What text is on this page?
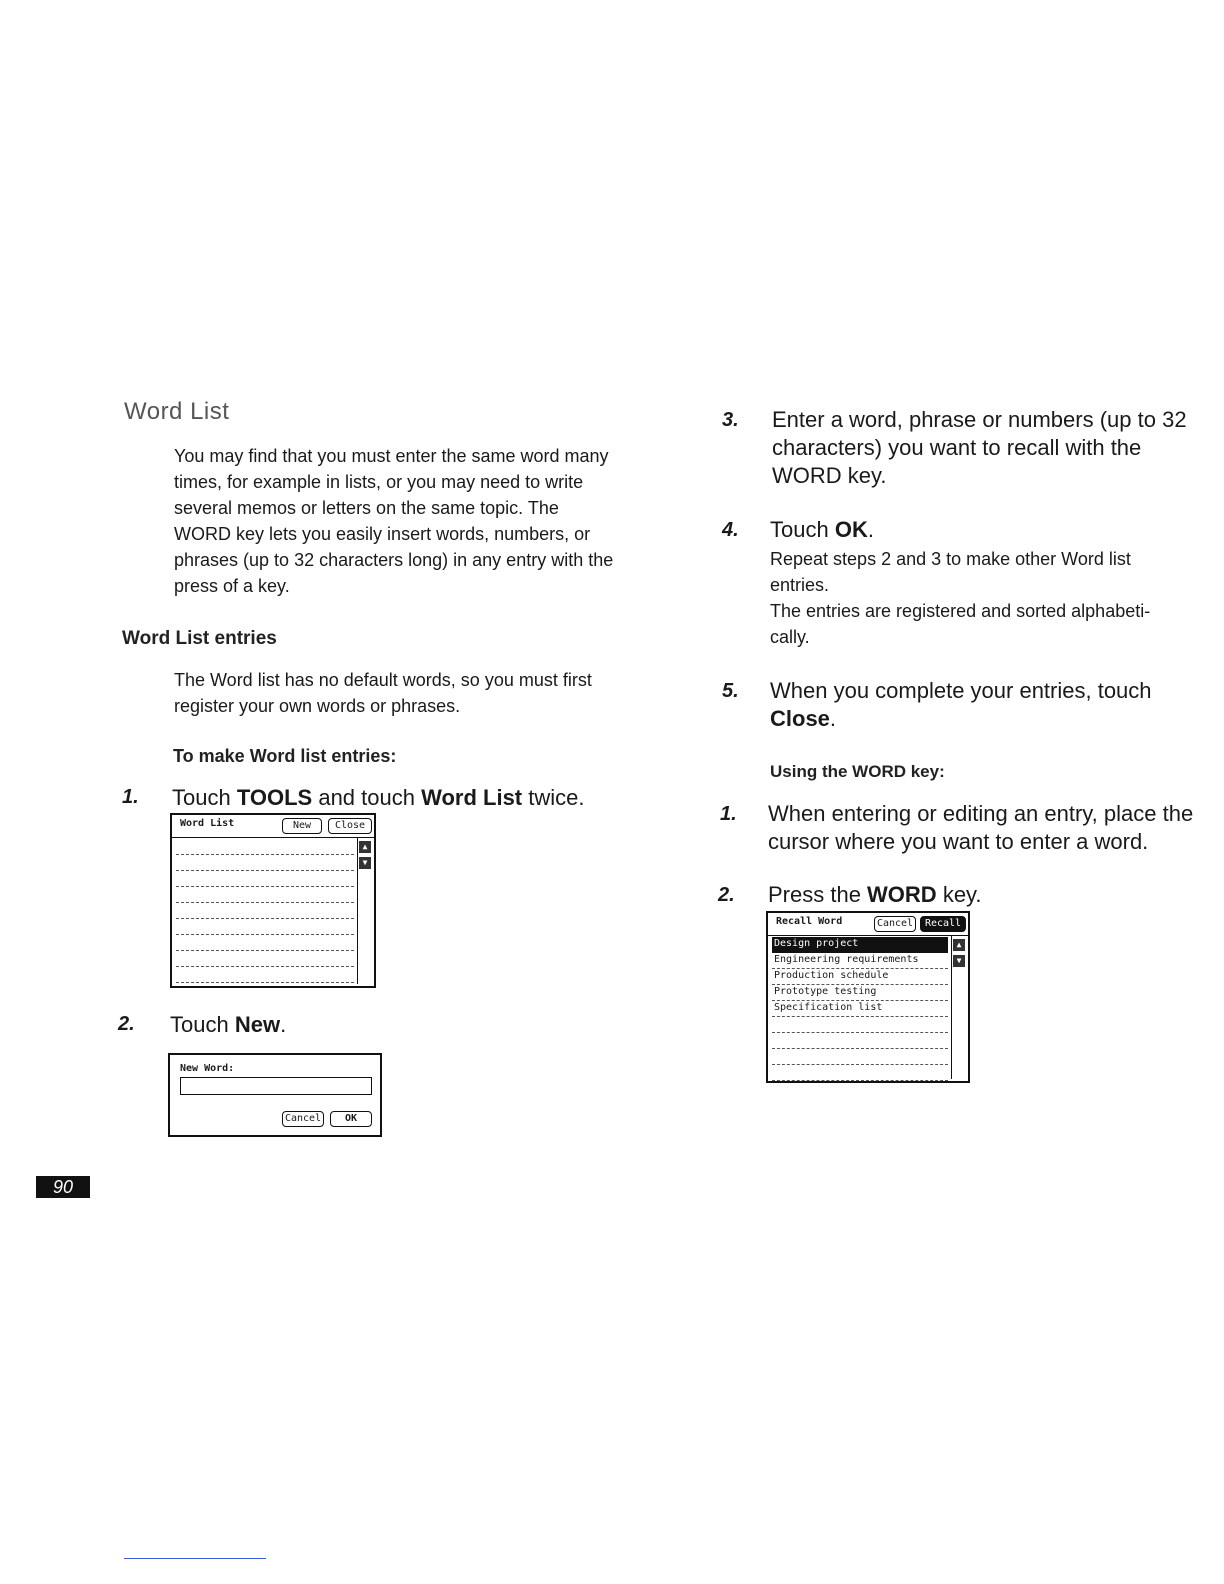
Word List
You may find that you must enter the same word many times, for example in lists, or you may need to write several memos or letters on the same topic. The WORD key lets you easily insert words, numbers, or phrases (up to 32 characters long) in any entry with the press of a key.
Word List entries
The Word list has no default words, so you must first register your own words or phrases.
To make Word list entries:
1. Touch TOOLS and touch Word List twice.
Word List	New	Close
▲
▼
2. Touch New.
New Word:
Cancel	OK
3. Enter a word, phrase or numbers (up to 32 characters) you want to recall with the WORD key.
4. Touch OK.
Repeat steps 2 and 3 to make other Word list entries.
The entries are registered and sorted alphabeti-cally.
5. When you complete your entries, touch Close.
Using the WORD key:
1. When entering or editing an entry, place the cursor where you want to enter a word.
2. Press the WORD key.
Recall Word	Cancel	Recall
Design project
Engineering requirements
Production schedule
Prototype testing
Specification list
▲
▼
90
